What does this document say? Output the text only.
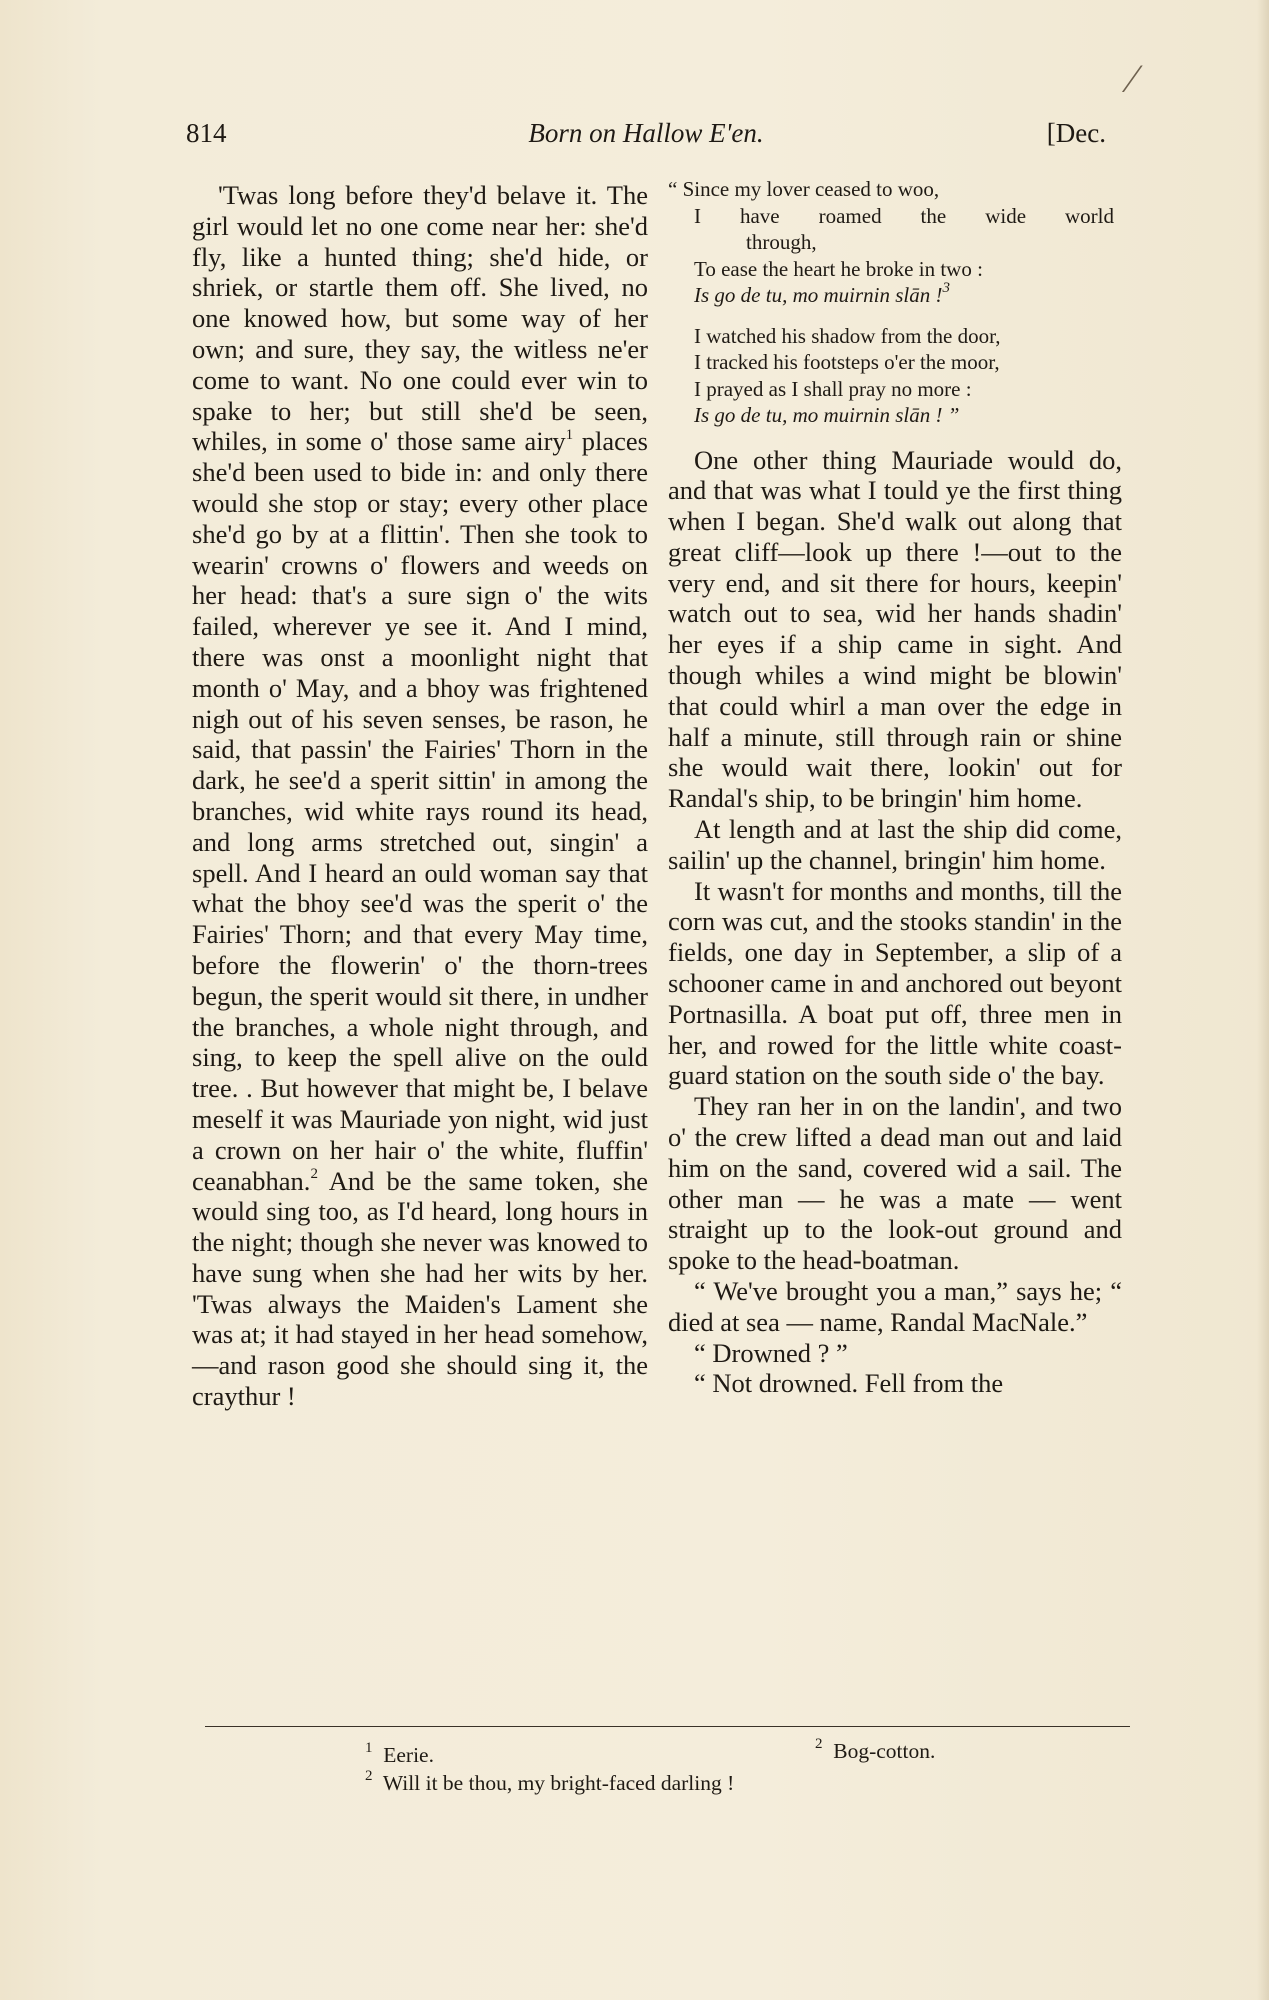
⁄
814	Born on Hallow E'en.	[Dec.

'Twas long before they'd belave it. The girl would let no one come near her: she'd fly, like a hunted thing; she'd hide, or shriek, or startle them off. She lived, no one knowed how, but some way of her own; and sure, they say, the witless ne'er come to want. No one could ever win to spake to her; but still she'd be seen, whiles, in some o' those same airy$^1$ places she'd been used to bide in: and only there would she stop or stay; every other place she'd go by at a flittin'. Then she took to wearin' crowns o' flowers and weeds on her head: that's a sure sign o' the wits failed, wherever ye see it. And I mind, there was onst a moonlight night that month o' May, and a bhoy was frightened nigh out of his seven senses, be rason, he said, that passin' the Fairies' Thorn in the dark, he see'd a sperit sittin' in among the branches, wid white rays round its head, and long arms stretched out, singin' a spell. And I heard an ould woman say that what the bhoy see'd was the sperit o' the Fairies' Thorn; and that every May time, before the flowerin' o' the thorn-trees begun, the sperit would sit there, in undher the branches, a whole night through, and sing, to keep the spell alive on the ould tree. . But however that might be, I belave meself it was Mauriade yon night, wid just a crown on her hair o' the white, fluffin' ceanabhan.$^2$ And be the same token, she would sing too, as I'd heard, long hours in the night; though she never was knowed to have sung when she had her wits by her. 'Twas always the Maiden's Lament she was at; it had stayed in her head somehow,—and rason good she should sing it, the craythur !

“ Since my lover ceased to woo,
I have roamed the wide world
through,
To ease the heart he broke in two :
Is go de tu, mo muirnin slān !$^3$
I watched his shadow from the door,
I tracked his footsteps o'er the moor,
I prayed as I shall pray no more :
Is go de tu, mo muirnin slān ! ”

One other thing Mauriade would do, and that was what I tould ye the first thing when I began. She'd walk out along that great cliff—look up there !—out to the very end, and sit there for hours, keepin' watch out to sea, wid her hands shadin' her eyes if a ship came in sight. And though whiles a wind might be blowin' that could whirl a man over the edge in half a minute, still through rain or shine she would wait there, lookin' out for Randal's ship, to be bringin' him home.

At length and at last the ship did come, sailin' up the channel, bringin' him home.

It wasn't for months and months, till the corn was cut, and the stooks standin' in the fields, one day in September, a slip of a schooner came in and anchored out beyont Portnasilla. A boat put off, three men in her, and rowed for the little white coast-guard station on the south side o' the bay.

They ran her in on the landin', and two o' the crew lifted a dead man out and laid him on the sand, covered wid a sail. The other man — he was a mate — went straight up to the look-out ground and spoke to the head-boatman.

“ We've brought you a man,” says he; “ died at sea — name, Randal MacNale.”

“ Drowned ? ”

“ Not drowned. Fell from the

$^1$ Eerie.	$^2$ Bog-cotton.
$^2$ Will it be thou, my bright-faced darling !
